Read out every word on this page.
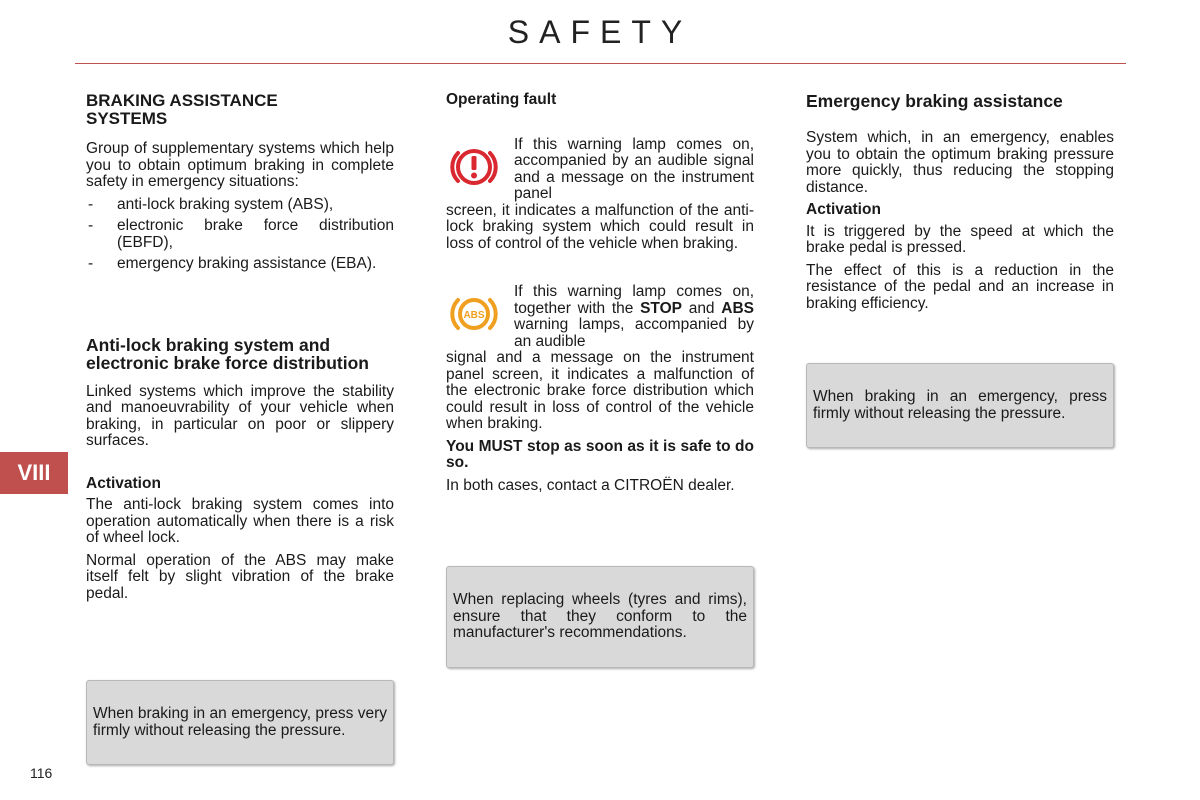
SAFETY
BRAKING ASSISTANCE
SYSTEMS

Group of supplementary systems which help you to obtain optimum braking in complete safety in emergency situations:

- anti-lock braking system (ABS),
- electronic brake force distribution (EBFD),
- emergency braking assistance (EBA).
Anti-lock braking system and electronic brake force distribution

Linked systems which improve the stability and manoeuvrability of your vehicle when braking, in particular on poor or slippery surfaces.

Activation

The anti-lock braking system comes into operation automatically when there is a risk of wheel lock.

Normal operation of the ABS may make itself felt by slight vibration of the brake pedal.

When braking in an emergency, press very firmly without releasing the pressure.
Operating fault
If this warning lamp comes on, accompanied by an audible signal and a message on the instrument panel

screen, it indicates a malfunction of the anti-lock braking system which could result in loss of control of the vehicle when braking.

ABS
If this warning lamp comes on, together with the STOP and ABS warning lamps, accompanied by an audible

signal and a message on the instrument panel screen, it indicates a malfunction of the electronic brake force distribution which could result in loss of control of the vehicle when braking.

You MUST stop as soon as it is safe to do so.

In both cases, contact a CITROËN dealer.

When replacing wheels (tyres and rims), ensure that they conform to the manufacturer's recommendations.
Emergency braking assistance

System which, in an emergency, enables you to obtain the optimum braking pressure more quickly, thus reducing the stopping distance.

Activation

It is triggered by the speed at which the brake pedal is pressed.

The effect of this is a reduction in the resistance of the pedal and an increase in braking efficiency.

When braking in an emergency, press firmly without releasing the pressure.
VIII
116
